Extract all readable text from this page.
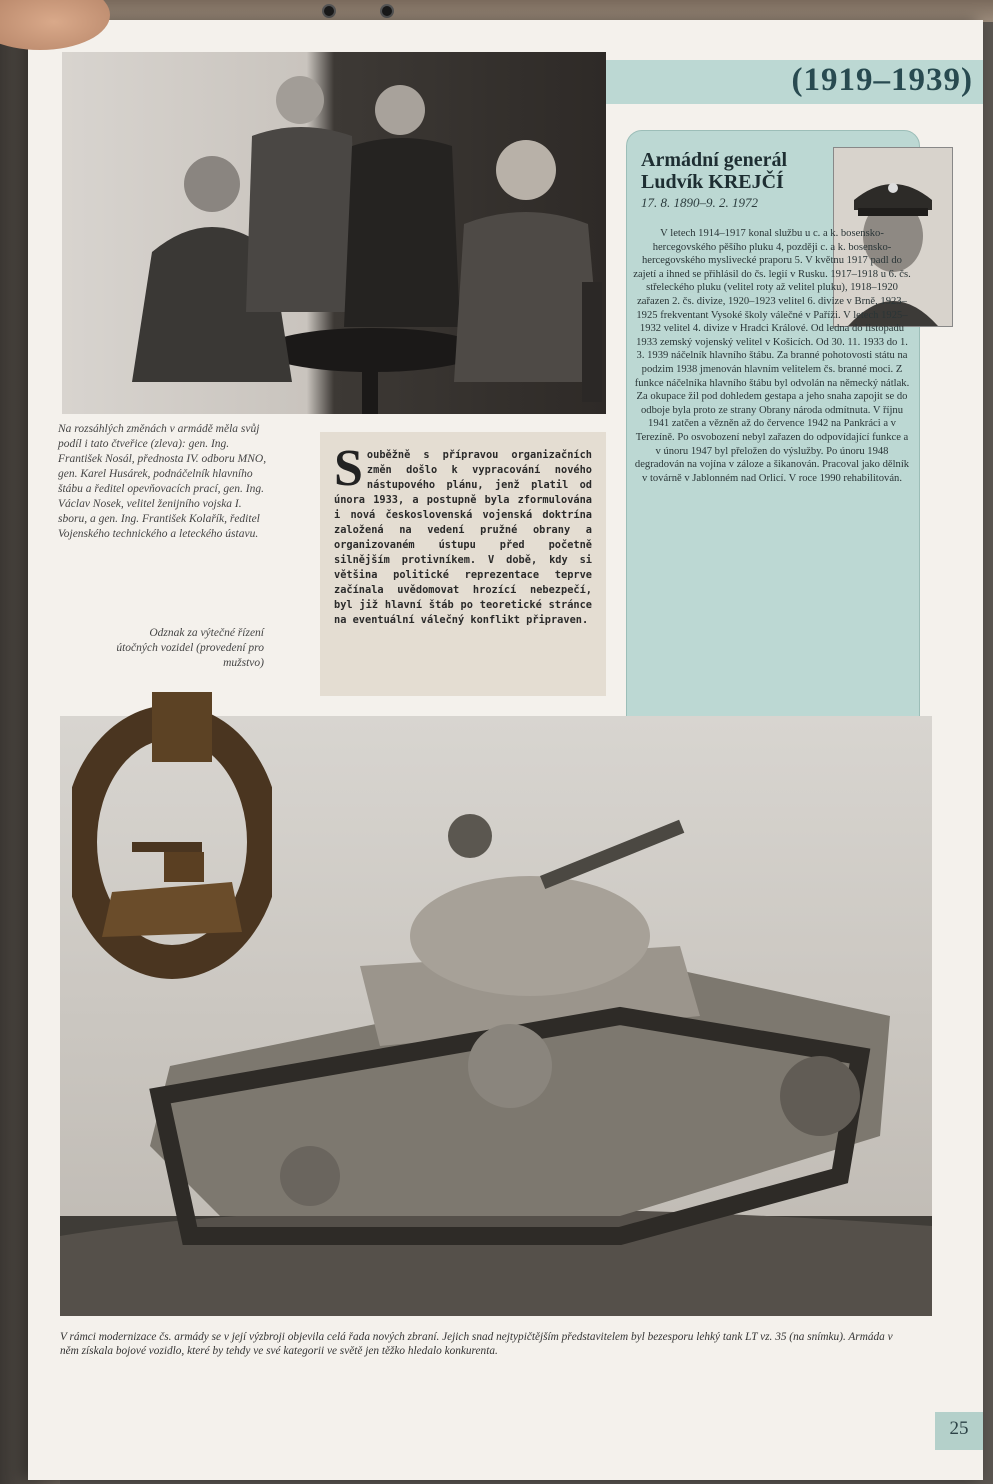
Na rozsáhlých změnách v armádě měla svůj podíl i tato čtveřice (zleva): gen. Ing. František Nosál, přednosta IV. odboru MNO, gen. Karel Husárek, podnáčelník hlavního štábu a ředitel opevňovacích prací, gen. Ing. Václav Nosek, velitel ženijního vojska I. sboru, a gen. Ing. František Kolařík, ředitel Vojenského technického a leteckého ústavu.
Odznak za výtečné řízení útočných vozidel (provedení pro mužstvo)
(1919–1939)
S ouběžně s přípravou organizačních změn došlo k vypracování nového nástupového plánu, jenž platil od února 1933, a postupně byla zformulována i nová československá vojenská doktrína založená na vedení pružné obrany a organizovaném ústupu před početně silnějším protivníkem. V době, kdy si většina politické reprezentace teprve začínala uvědomovat hrozící nebezpečí, byl již hlavní štáb po teoretické stránce na eventuální válečný konflikt připraven.
Armádní generál
Ludvík KREJČÍ
17. 8. 1890–9. 2. 1972
V letech 1914–1917 konal službu u c. a k. bosensko-hercegovského pěšího pluku 4, později c. a k. bosensko-hercegovského myslivecké praporu 5. V květnu 1917 padl do zajetí a ihned se přihlásil do čs. legií v Rusku. 1917–1918 u 6. čs. střeleckého pluku (velitel roty až velitel pluku), 1918–1920 zařazen 2. čs. divize, 1920–1923 velitel 6. divize v Brně, 1923–1925 frekventant Vysoké školy válečné v Paříži. V letech 1925–1932 velitel 4. divize v Hradci Králové. Od ledna do listopadu 1933 zemský vojenský velitel v Košicích. Od 30. 11. 1933 do 1. 3. 1939 náčelník hlavního štábu. Za branné pohotovosti státu na podzim 1938 jmenován hlavním velitelem čs. branné moci. Z funkce náčelníka hlavního štábu byl odvolán na německý nátlak. Za okupace žil pod dohledem gestapa a jeho snaha zapojit se do odboje byla proto ze strany Obrany národa odmítnuta. V říjnu 1941 zatčen a vězněn až do července 1942 na Pankráci a v Terezíně. Po osvobození nebyl zařazen do odpovídající funkce a v únoru 1947 byl přeložen do výslužby. Po únoru 1948 degradován na vojína v záloze a šikanován. Pracoval jako dělník v továrně v Jablonném nad Orlicí. V roce 1990 rehabilitován.
V rámci modernizace čs. armády se v její výzbroji objevila celá řada nových zbraní. Jejich snad nejtypičtějším představitelem byl bezesporu lehký tank LT vz. 35 (na snímku). Armáda v něm získala bojové vozidlo, které by tehdy ve své kategorii ve světě jen těžko hledalo konkurenta.
25
